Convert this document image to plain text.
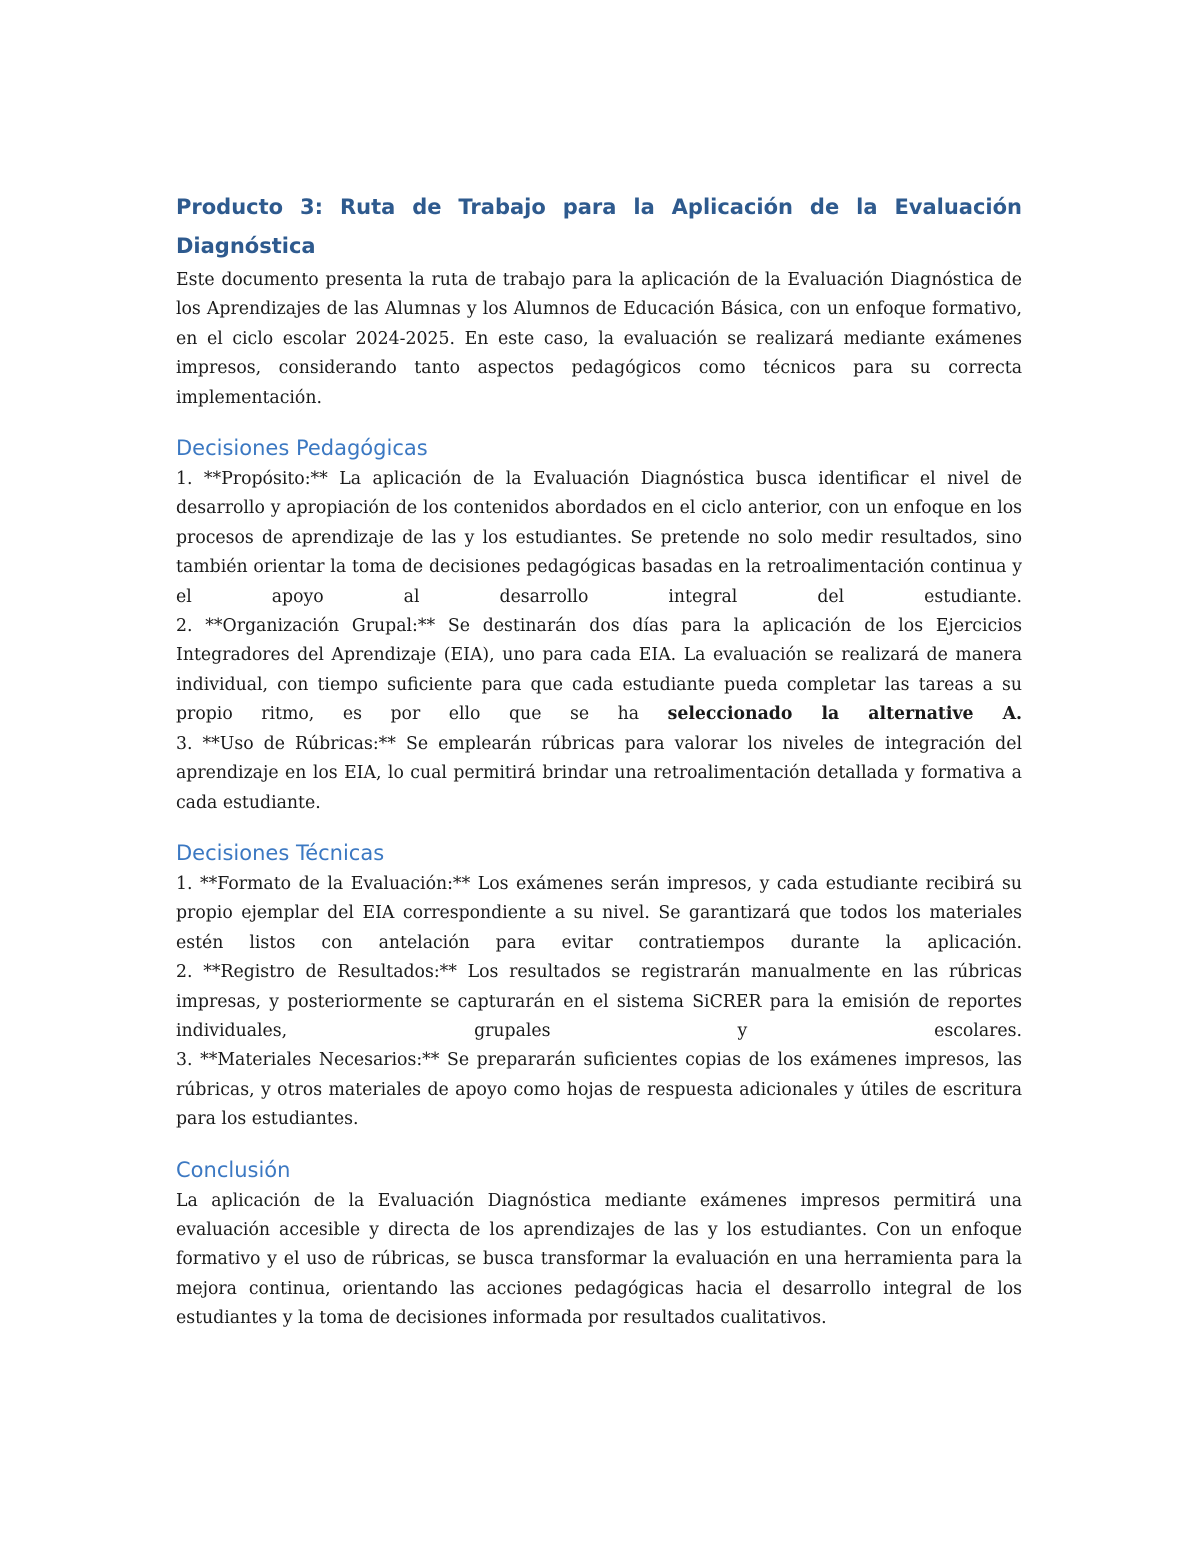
Producto 3: Ruta de Trabajo para la Aplicación de la Evaluación Diagnóstica

Este documento presenta la ruta de trabajo para la aplicación de la Evaluación Diagnóstica de los Aprendizajes de las Alumnas y los Alumnos de Educación Básica, con un enfoque formativo, en el ciclo escolar 2024-2025. En este caso, la evaluación se realizará mediante exámenes impresos, considerando tanto aspectos pedagógicos como técnicos para su correcta implementación.

Decisiones Pedagógicas

1. **Propósito:** La aplicación de la Evaluación Diagnóstica busca identificar el nivel de desarrollo y apropiación de los contenidos abordados en el ciclo anterior, con un enfoque en los procesos de aprendizaje de las y los estudiantes. Se pretende no solo medir resultados, sino también orientar la toma de decisiones pedagógicas basadas en la retroalimentación continua y el apoyo al desarrollo integral del estudiante.

2. **Organización Grupal:** Se destinarán dos días para la aplicación de los Ejercicios Integradores del Aprendizaje (EIA), uno para cada EIA. La evaluación se realizará de manera individual, con tiempo suficiente para que cada estudiante pueda completar las tareas a su propio ritmo, es por ello que se ha seleccionado la alternative A.

3. **Uso de Rúbricas:** Se emplearán rúbricas para valorar los niveles de integración del aprendizaje en los EIA, lo cual permitirá brindar una retroalimentación detallada y formativa a cada estudiante.

Decisiones Técnicas

1. **Formato de la Evaluación:** Los exámenes serán impresos, y cada estudiante recibirá su propio ejemplar del EIA correspondiente a su nivel. Se garantizará que todos los materiales estén listos con antelación para evitar contratiempos durante la aplicación.

2. **Registro de Resultados:** Los resultados se registrarán manualmente en las rúbricas impresas, y posteriormente se capturarán en el sistema SiCRER para la emisión de reportes individuales, grupales y escolares.

3. **Materiales Necesarios:** Se prepararán suficientes copias de los exámenes impresos, las rúbricas, y otros materiales de apoyo como hojas de respuesta adicionales y útiles de escritura para los estudiantes.

Conclusión

La aplicación de la Evaluación Diagnóstica mediante exámenes impresos permitirá una evaluación accesible y directa de los aprendizajes de las y los estudiantes. Con un enfoque formativo y el uso de rúbricas, se busca transformar la evaluación en una herramienta para la mejora continua, orientando las acciones pedagógicas hacia el desarrollo integral de los estudiantes y la toma de decisiones informada por resultados cualitativos.
